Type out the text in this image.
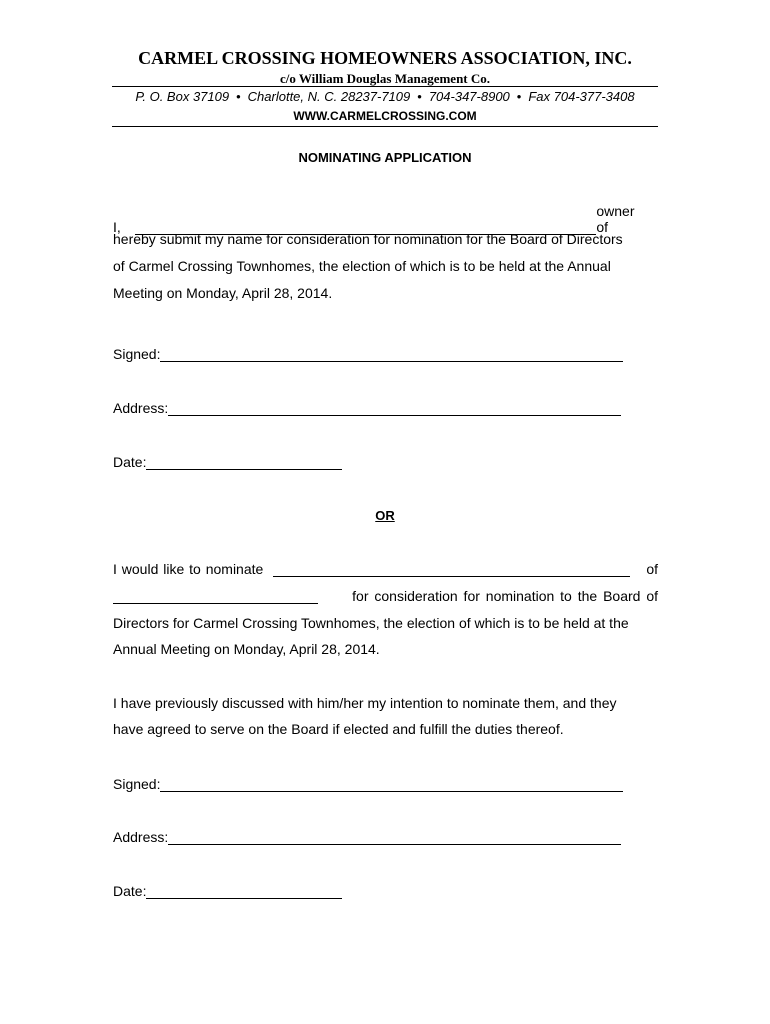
CARMEL CROSSING HOMEOWNERS ASSOCIATION, INC.
c/o William Douglas Management Co.
P. O. Box 37109 • Charlotte, N. C. 28237-7109 • 704-347-8900 • Fax 704-377-3408
WWW.CARMELCROSSING.COM
NOMINATING APPLICATION
I,
owner of
hereby submit my name for consideration for nomination for the Board of Directors
of Carmel Crossing Townhomes, the election of which is to be held at the Annual
Meeting on Monday, April 28, 2014.
Signed:
Address:
Date:
OR
I would like to nominate	of
for consideration for nomination to the Board of
Directors for Carmel Crossing Townhomes, the election of which is to be held at the
Annual Meeting on Monday, April 28, 2014.
I have previously discussed with him/her my intention to nominate them, and they
have agreed to serve on the Board if elected and fulfill the duties thereof.
Signed:
Address:
Date:
